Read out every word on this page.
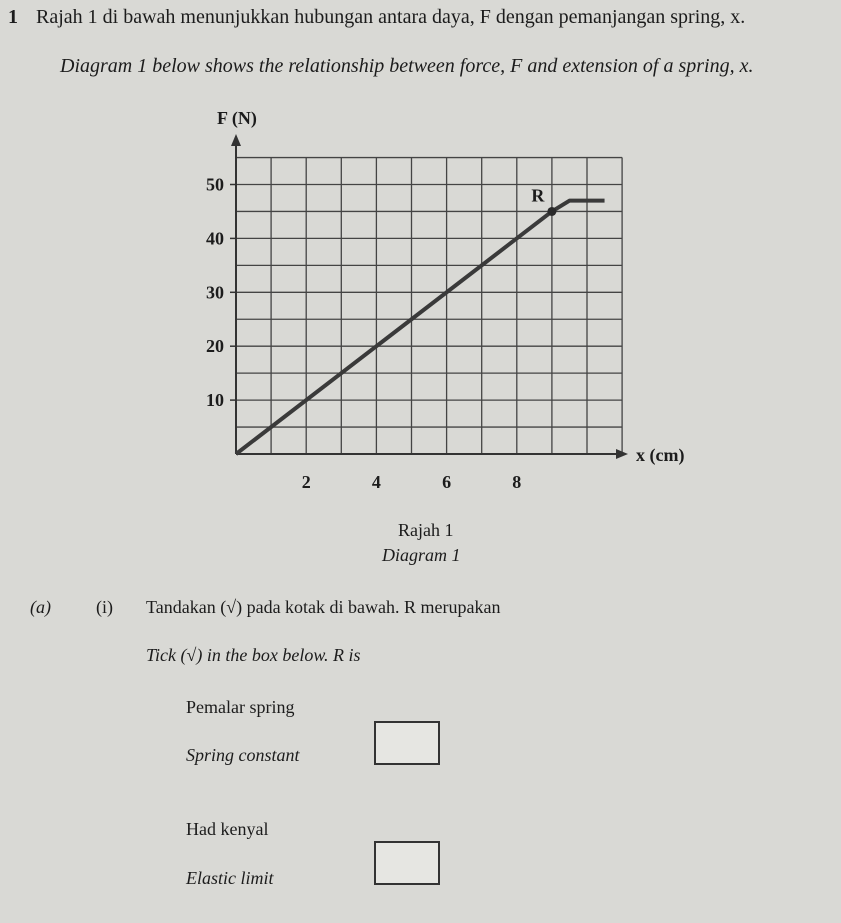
1 Rajah 1 di bawah menunjukkan hubungan antara daya, F dengan pemanjangan spring, x.
Diagram 1 below shows the relationship between force, F and extension of a spring, x.
10
20
30
40
50
2	4	6	8
F (N)
x (cm)
R
Rajah 1
Diagram 1
(a)	(i) Tandakan (√) pada kotak di bawah. R merupakan
Tick (√) in the box below. R is
Pemalar spring
Spring constant
Had kenyal
Elastic limit
